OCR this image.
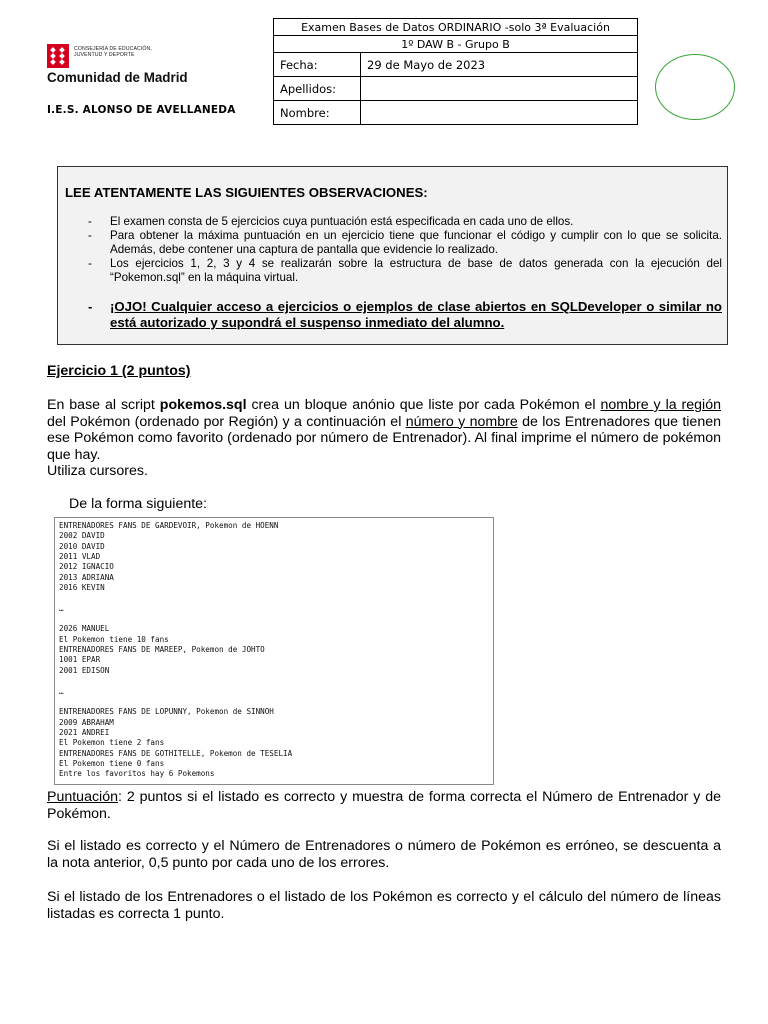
CONSEJERÍA DE EDUCACIÓN,
JUVENTUD Y DEPORTE
Comunidad de Madrid
I.E.S. ALONSO DE AVELLANEDA
Examen Bases de Datos ORDINARIO -solo 3ª Evaluación	
1º DAW B - Grupo B	
Fecha:	29 de Mayo de 2023
Apellidos:	
Nombre:	
LEE ATENTAMENTE LAS SIGUIENTES OBSERVACIONES:
- El examen consta de 5 ejercicios cuya puntuación está especificada en cada uno de ellos.
- Para obtener la máxima puntuación en un ejercicio tiene que funcionar el código y cumplir con lo que se solicita. Además, debe contener una captura de pantalla que evidencie lo realizado.
- Los ejercicios 1, 2, 3 y 4 se realizarán sobre la estructura de base de datos generada con la ejecución del “Pokemon.sql” en la máquina virtual.
- ¡OJO! Cualquier acceso a ejercicios o ejemplos de clase abiertos en SQLDeveloper o similar no está autorizado y supondrá el suspenso inmediato del alumno.
Ejercicio 1 (2 puntos)
En base al script pokemos.sql crea un bloque anónio que liste por cada Pokémon el nombre y la región del Pokémon (ordenado por Región) y a continuación el número y nombre de los Entrenadores que tienen ese Pokémon como favorito (ordenado por número de Entrenador). Al final imprime el número de pokémon que hay.
Utiliza cursores.
De la forma siguiente:
ENTRENADORES FANS DE GARDEVOIR, Pokemon de HOENN
2002 DAVID
2010 DAVID
2011 VLAD
2012 IGNACIO
2013 ADRIANA
2016 KEVIN

…

2026 MANUEL
El Pokemon tiene 10 fans
ENTRENADORES FANS DE MAREEP, Pokemon de JOHTO
1001 EPAR
2001 EDISON

…

ENTRENADORES FANS DE LOPUNNY, Pokemon de SINNOH
2009 ABRAHAM
2021 ANDREI
El Pokemon tiene 2 fans
ENTRENADORES FANS DE GOTHITELLE, Pokemon de TESELIA
El Pokemon tiene 0 fans
Entre los favoritos hay 6 Pokemons
Puntuación: 2 puntos si el listado es correcto y muestra de forma correcta el Número de Entrenador y de Pokémon.
Si el listado es correcto y el Número de Entrenadores o número de Pokémon es erróneo, se descuenta a la nota anterior, 0,5 punto por cada uno de los errores.
Si el listado de los Entrenadores o el listado de los Pokémon es correcto y el cálculo del número de líneas listadas es correcta 1 punto.
